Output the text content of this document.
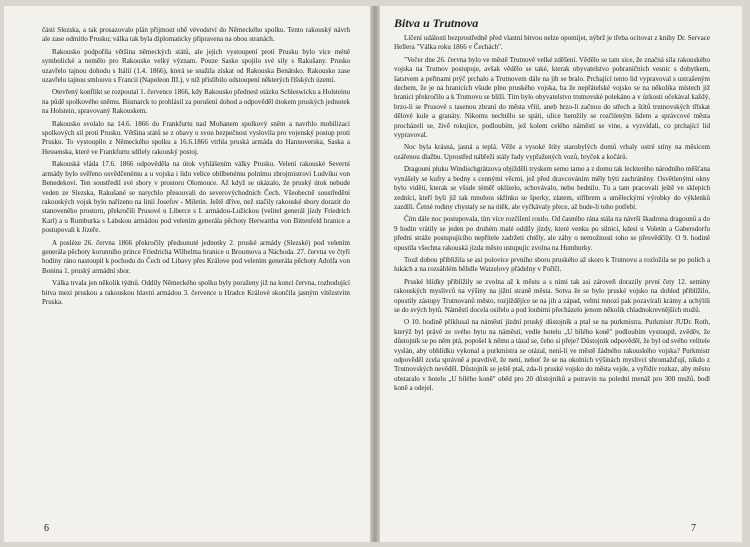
části Slezska, a tak prosazovalo plán přijmout obě vévodství do Německého spolku. Tento rakouský návrh ale zase odmítlo Prusku; válka tak byla diplomaticky připravena na obou stranách.

Rakousko podpořila většina německých států, ale jejich vystoupení proti Prusku bylo více méně symbolické a nemělo pro Rakousko velký význam. Pouze Sasko spojilo své síly s Rakušany. Prusko uzavřelo tajnou dohodu s Itálií (1.4. 1866), která se snažila získat od Rakouska Benátsko. Rakousko zase uzavřelo tajnou smlouvu s Francií (Napoleon III.), v níž přislíbilo odstoupení některých říšských území.

Otevřený konflikt se rozpoutal 1. července 1866, kdy Rakousko přednesl otázku Schleswicku a Holsteinu na půdě spolkového sněmu. Bismarck to prohlásil za porušení dohod a odpověděl útokem pruských jednotek na Holstein, spravovaný Rakouskem.

Rakousko svolalo na 14.6. 1866 do Frankfurtu nad Mohanem spolkový sněm a navrhlo mobilizaci spolkových sil proti Prusku. Většina států se z obavy o svou bezpečnost vyslovila pro vojenský postup proti Prusku. To vystoupilo z Německého spolku a 16.6.1866 vtrhla pruská armáda do Hannoverska, Saska a Hessenska, které ve Frankfurtu sdílely rakouský postoj.

Rakouská vláda 17.6. 1866 odpověděla na útok vyhlášením války Prusku. Velení rakouské Severní armády bylo svěřeno osvědčenému a u vojska i lidu velice oblíbenému polnímu zbrojmistrovi Ludviku von Benedekovi. Ten soustředil své sbory v prostoru Olomouce. Až když se ukázalo, že pruský útok nebude veden ze Slezska, Rakušané se narychlo přesouvali do severovýchodních Čech. Všeobecně soustředění rakouských vojsk bylo nařízeno na linii Josefov - Miletín. Ještě dříve, než stačily rakouské sbory dorazit do stanoveného prostoru, překročili Prusové u Liberce s I. armádou-Lužickou (velitel generál jízdy Friedrich Karl) a u Rumburka s Labskou armádou pod velením generála pěchoty Herwartha von Bittenfeld hranice a postupovali k Jizeře.

A posléze 26. června 1866 překročily předsunuté jednotky 2. pruské armády (Slezské) pod velením generála pěchoty korunního prince Friedricha Wilhelma hranice u Broumova a Náchoda. 27. června ve čtyři hodiny ráno nastoupil k pochodu do Čech od Libavy přes Králove pod velením generála pěchoty Adolfa von Bonina 1. pruský armádní sbor.

Válka trvala jen několik týdnů. Oddíly Německého spolku byly poraženy již na konci června, rozhodující bitva mezi pruskou a rakouskou hlavní armádou 3. července u Hradce Králové skončila jasným vítězstvím Pruska.

6
Bitva u Trutnova

Líčení událostí bezprostředně před vlastní bitvou nelze opomíjet, nýbrž je třeba ocitovat z knihy Dr. Servace Hellera "Válka roku 1866 v Čechách".

"Večer dne 26. června bylo ve městě Trutnově velké zděšení. Vědělo se tam sice, že značná síla rakouského vojska na Trutnov postupuje, avšak vědělo se také, kterak obyvatelstvo pohraničních vesnic s dobytkem, šatstvem a peřinami prýč prchalo a Trutnovem dále na jih se bralo. Prchající tento lid vypravoval s ustrašeným dechem, že je na hranicích všude plno pruského vojska, ba že nepřátelské vojsko se na několika místech již hranici překročilo a k Trutnovu se blíží. Tím bylo obyvatelstvo trutnovské polekáno a v úzkosti očekával každý, brzo-li se Prusové s tasenou zbraní do města vřítí, aneb brzo-li začnou do střech a štítů trutnovských třískat dělové kule a granáty. Nikomu nechtělo se spáti, ulice hemžily se rozčileným lidem a správcové města procházeli se, živě rokujíce, podloubím, jež kolem celého náměstí se vine, a vyzvídali, co prchající lid vypravoval.

Noc byla krásná, jasná a teplá. Věže a vysoké štíty starobylých domů vrhaly ostré stíny na měsícem ozářenou dlažbu. Uprostřed nábřeží stály řady vypřažených vozů, bryček a kočárů.

Dragouni pluku Windischgrätzova objížděli tryskem semo tamo a z domu tak leckterého národního měšťana vynášely se kufry a bedny s cennými věcmi, jež před dravcováním měly býti zachráněny. Osvětlenými okny bylo viděti, kterak se všude téměř uklízelo, schovávalo, nebo bednilo. Tu a tam pracovali ještě ve sklepích zedníci, kteří byli již tak mnohou skřínku se šperky, zlatem, stříbrem a uměleckými výrobky do výklenků zazdili. Četné rodiny chystaly se na útěk, ale vyčkávaly přece, až bude-li toho potřebí.

Čím dále noc postupovala, tím více rozčilení rostlo. Od časného rána stála na návrší škadrona dragounů a do 9 hodin vrátily se jeden po druhém malé oddíly jízdy, které venku po silnici, kdesi u Voletin a Gabersdorfu předni stráže postupujícího nepřítele zadržeti chtěly, ale záhy o nemožnosti toho se přesvědčily. O 9. hodině opustila všechna rakouská jízda město ustupujíc zvolna na Humburky.

Touž dobou přibližila se asi polovice prvního sboru pruského až skoro k Trutnovu a rozložila se po polích a lukách a na rozsáhlém bělidle Watzelovy přádelny v Poříčí.

Pruské hlídky přiblížily se zvolna až k městu a s nimi tak asi zároveň dorazily první čety 12. setniny rakouských myslivců na výšiny na jižní straně města. Sotva že se bylo pruské vojsko na dohled přiblížilo, opustily zástupy Trutnovanů město, rozjíždějíce se na jih a západ, velmi mnozí pak pozavírali krámy a uchýlili se do svých bytů. Náměstí docela osiřelo a pod loubími přecházelo jenom několik chladnokrevnějších mužů.

O 10. hodině přiklusal na náměstí jízdní pruský důstojník a ptal se na purkmistra. Purkmistr JUDr. Roth, kterýž byl právě ze svého bytu na náměstí, vedle hotelu „U bílého koně" podloubím vystoupil, zvěděv, že důstojník se po něm ptá, popošel k němu a tázal se, čeho si přeje? Důstojník odpověděl, že byl od svého velitele vyslán, aby obhlídku vykonal a purkmistra se otázal, není-li ve městě žádného rakouského vojska? Purkmistr odpověděl zcela správně a pravdivě, že není, neboť že se na okolních výšinách myslivci shromažďují, nikdo z Trutnovských nevěděl. Důstojník se ještě ptal, zda-li pruské vojsko do města vejde, a vyřídiv rozkaz, aby město obstaralo v hotelu „U bílého koně" oběd pro 20 důstojníků a potravin na polední menáž pro 300 mužů, bodl koně a odejel.

7
